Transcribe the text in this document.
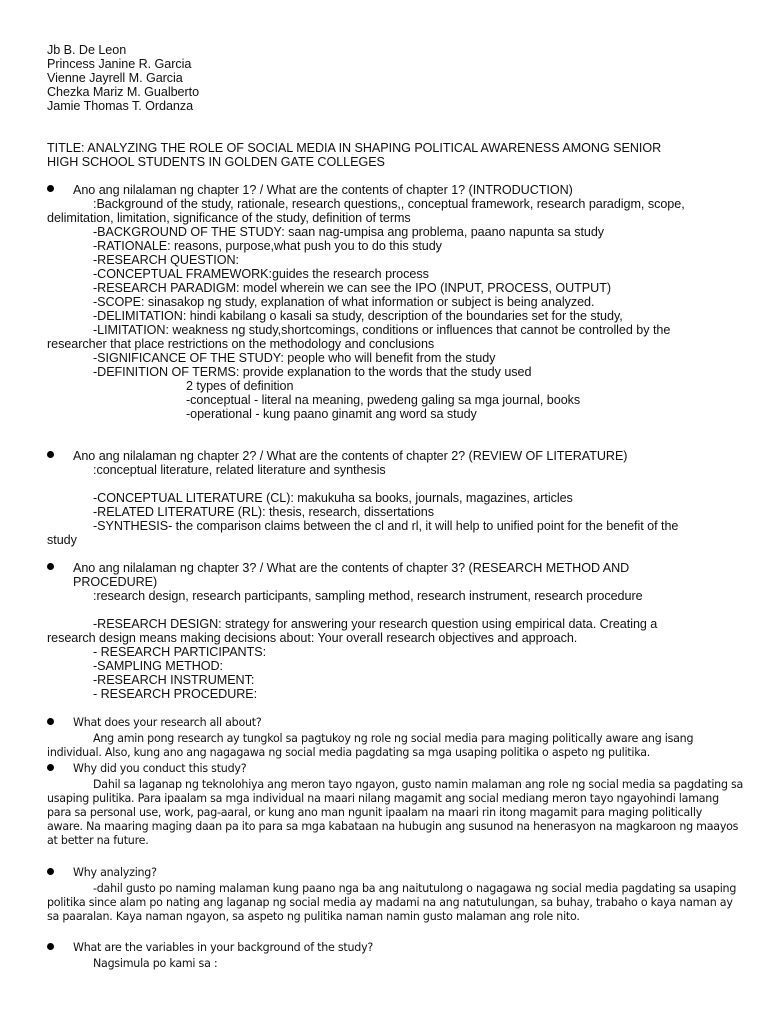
Jb B. De Leon
Princess Janine R. Garcia
Vienne Jayrell M. Garcia
Chezka Mariz M. Gualberto
Jamie Thomas T. Ordanza
TITLE: ANALYZING THE ROLE OF SOCIAL MEDIA IN SHAPING POLITICAL AWARENESS AMONG SENIOR
HIGH SCHOOL STUDENTS IN GOLDEN GATE COLLEGES
Ano ang nilalaman ng chapter 1? / What are the contents of chapter 1? (INTRODUCTION)
:Background of the study, rationale, research questions,, conceptual framework, research paradigm, scope,
delimitation, limitation, significance of the study, definition of terms
-BACKGROUND OF THE STUDY: saan nag-umpisa ang problema, paano napunta sa study
-RATIONALE: reasons, purpose,what push you to do this study
-RESEARCH QUESTION:
-CONCEPTUAL FRAMEWORK:guides the research process
-RESEARCH PARADIGM: model wherein we can see the IPO (INPUT, PROCESS, OUTPUT)
-SCOPE: sinasakop ng study, explanation of what information or subject is being analyzed.
-DELIMITATION: hindi kabilang o kasali sa study, description of the boundaries set for the study,
-LIMITATION: weakness ng study,shortcomings, conditions or influences that cannot be controlled by the
researcher that place restrictions on the methodology and conclusions
-SIGNIFICANCE OF THE STUDY: people who will benefit from the study
-DEFINITION OF TERMS: provide explanation to the words that the study used
2 types of definition
-conceptual - literal na meaning, pwedeng galing sa mga journal, books
-operational - kung paano ginamit ang word sa study
Ano ang nilalaman ng chapter 2? / What are the contents of chapter 2? (REVIEW OF LITERATURE)
:conceptual literature, related literature and synthesis
-CONCEPTUAL LITERATURE (CL): makukuha sa books, journals, magazines, articles
-RELATED LITERATURE (RL): thesis, research, dissertations
-SYNTHESIS- the comparison claims between the cl and rl, it will help to unified point for the benefit of the
study
Ano ang nilalaman ng chapter 3? / What are the contents of chapter 3? (RESEARCH METHOD AND
PROCEDURE)
:research design, research participants, sampling method, research instrument, research procedure
-RESEARCH DESIGN: strategy for answering your research question using empirical data. Creating a
research design means making decisions about: Your overall research objectives and approach.
- RESEARCH PARTICIPANTS:
-SAMPLING METHOD:
-RESEARCH INSTRUMENT:
- RESEARCH PROCEDURE:
What does your research all about?
Ang amin pong research ay tungkol sa pagtukoy ng role ng social media para maging politically aware ang isang
individual. Also, kung ano ang nagagawa ng social media pagdating sa mga usaping politika o aspeto ng pulitika.
Why did you conduct this study?
Dahil sa laganap ng teknolohiya ang meron tayo ngayon, gusto namin malaman ang role ng social media sa pagdating sa
usaping pulitika. Para ipaalam sa mga individual na maari nilang magamit ang social mediang meron tayo ngayohindi lamang
para sa personal use, work, pag-aaral, or kung ano man ngunit ipaalam na maari rin itong magamit para maging politically
aware. Na maaring maging daan pa ito para sa mga kabataan na hubugin ang susunod na henerasyon na magkaroon ng maayos
at better na future.
Why analyzing?
-dahil gusto po naming malaman kung paano nga ba ang naitutulong o nagagawa ng social media pagdating sa usaping
politika since alam po nating ang laganap ng social media ay madami na ang natutulungan, sa buhay, trabaho o kaya naman ay
sa paaralan. Kaya naman ngayon, sa aspeto ng pulitika naman namin gusto malaman ang role nito.
What are the variables in your background of the study?
Nagsimula po kami sa :
